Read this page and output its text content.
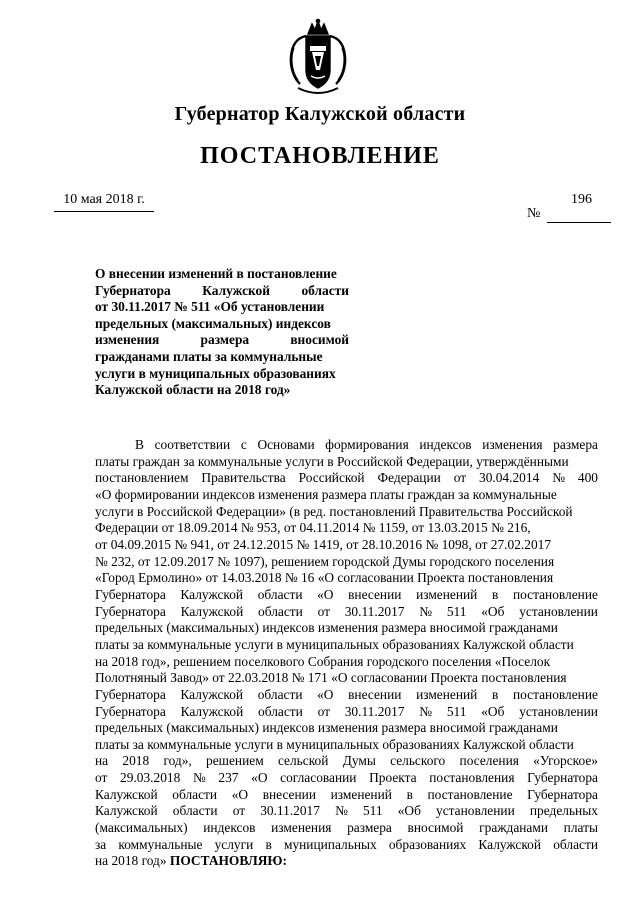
Губернатор Калужской области
ПОСТАНОВЛЕНИЕ
10 мая 2018 г.	196
№
О внесении изменений в постановление
Губернатора Калужской области
от 30.11.2017 № 511 «Об установлении
предельных (максимальных) индексов
изменения	размера	вносимой
гражданами платы за коммунальные
услуги в муниципальных образованиях
Калужской области на 2018 год»
В соответствии с Основами формирования индексов изменения размера
платы граждан за коммунальные услуги в Российской Федерации, утверждёнными
постановлением Правительства Российской Федерации от 30.04.2014 № 400
«О формировании индексов изменения размера платы граждан за коммунальные
услуги в Российской Федерации» (в ред. постановлений Правительства Российской
Федерации от 18.09.2014 № 953, от 04.11.2014 № 1159, от 13.03.2015 № 216,
от 04.09.2015 № 941, от 24.12.2015 № 1419, от 28.10.2016 № 1098, от 27.02.2017
№ 232, от 12.09.2017 № 1097), решением городской Думы городского поселения
«Город Ермолино» от 14.03.2018 № 16 «О согласовании Проекта постановления
Губернатора Калужской области «О внесении изменений в постановление
Губернатора Калужской области от 30.11.2017 № 511 «Об установлении
предельных (максимальных) индексов изменения размера вносимой гражданами
платы за коммунальные услуги в муниципальных образованиях Калужской области
на 2018 год», решением поселкового Собрания городского поселения «Поселок
Полотняный Завод» от 22.03.2018 № 171 «О согласовании Проекта постановления
Губернатора Калужской области «О внесении изменений в постановление
Губернатора Калужской области от 30.11.2017 № 511 «Об установлении
предельных (максимальных) индексов изменения размера вносимой гражданами
платы за коммунальные услуги в муниципальных образованиях Калужской области
на 2018 год», решением сельской Думы сельского поселения «Угорское»
от 29.03.2018 № 237 «О согласовании Проекта постановления Губернатора
Калужской области «О внесении изменений в постановление Губернатора
Калужской области от 30.11.2017 № 511 «Об установлении предельных
(максимальных) индексов изменения размера вносимой гражданами платы
за коммунальные услуги в муниципальных образованиях Калужской области
на 2018 год» ПОСТАНОВЛЯЮ:
